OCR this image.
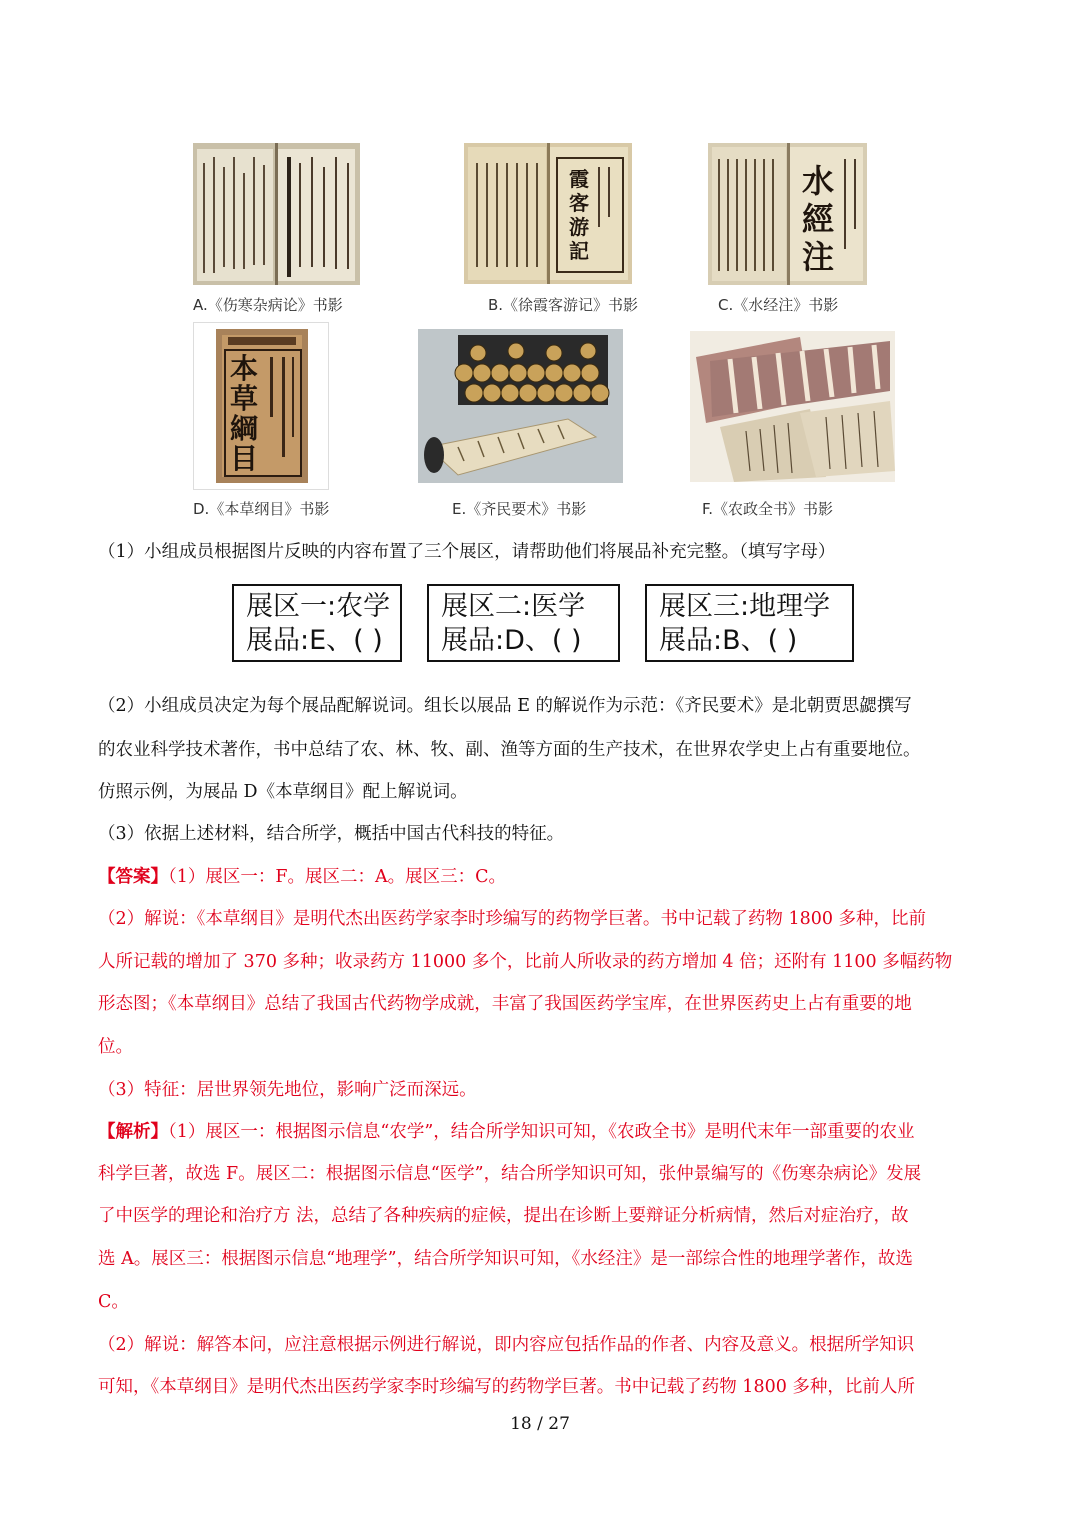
A.《伤寒杂病论》书影
霞
客
游
記
B.《徐霞客游记》书影
水
經
注
C.《水经注》书影
本
草
綱
目
D.《本草纲目》书影	E.《齐民要术》书影	F.《农政全书》书影
（1）小组成员根据图片反映的内容布置了三个展区，请帮助他们将展品补充完整。（填写字母）
展区一:农学
展品:E、( )
展区二:医学
展品:D、( )
展区三:地理学
展品:B、( )
（2）小组成员决定为每个展品配解说词。组长以展品 E 的解说作为示范：《齐民要术》是北朝贾思勰撰写
的农业科学技术著作，书中总结了农、林、牧、副、渔等方面的生产技术，在世界农学史上占有重要地位。
仿照示例，为展品 D《本草纲目》配上解说词。
（3）依据上述材料，结合所学，概括中国古代科技的特征。
【答案】（1）展区一：F。展区二：A。展区三：C。
（2）解说：《本草纲目》是明代杰出医药学家李时珍编写的药物学巨著。书中记载了药物 1800 多种，比前
人所记载的增加了 370 多种；收录药方 11000 多个，比前人所收录的药方增加 4 倍；还附有 1100 多幅药物
形态图；《本草纲目》总结了我国古代药物学成就，丰富了我国医药学宝库，在世界医药史上占有重要的地
位。
（3）特征：居世界领先地位，影响广泛而深远。
【解析】（1）展区一：根据图示信息“农学”，结合所学知识可知，《农政全书》是明代末年一部重要的农业
科学巨著，故选 F。展区二：根据图示信息“医学”，结合所学知识可知，张仲景编写的《伤寒杂病论》发展
了中医学的理论和治疗方 法，总结了各种疾病的症候，提出在诊断上要辩证分析病情，然后对症治疗，故
选 A。展区三：根据图示信息“地理学”，结合所学知识可知，《水经注》是一部综合性的地理学著作，故选
C。
（2）解说：解答本问，应注意根据示例进行解说，即内容应包括作品的作者、内容及意义。根据所学知识
可知，《本草纲目》是明代杰出医药学家李时珍编写的药物学巨著。书中记载了药物 1800 多种，比前人所
18 / 27
